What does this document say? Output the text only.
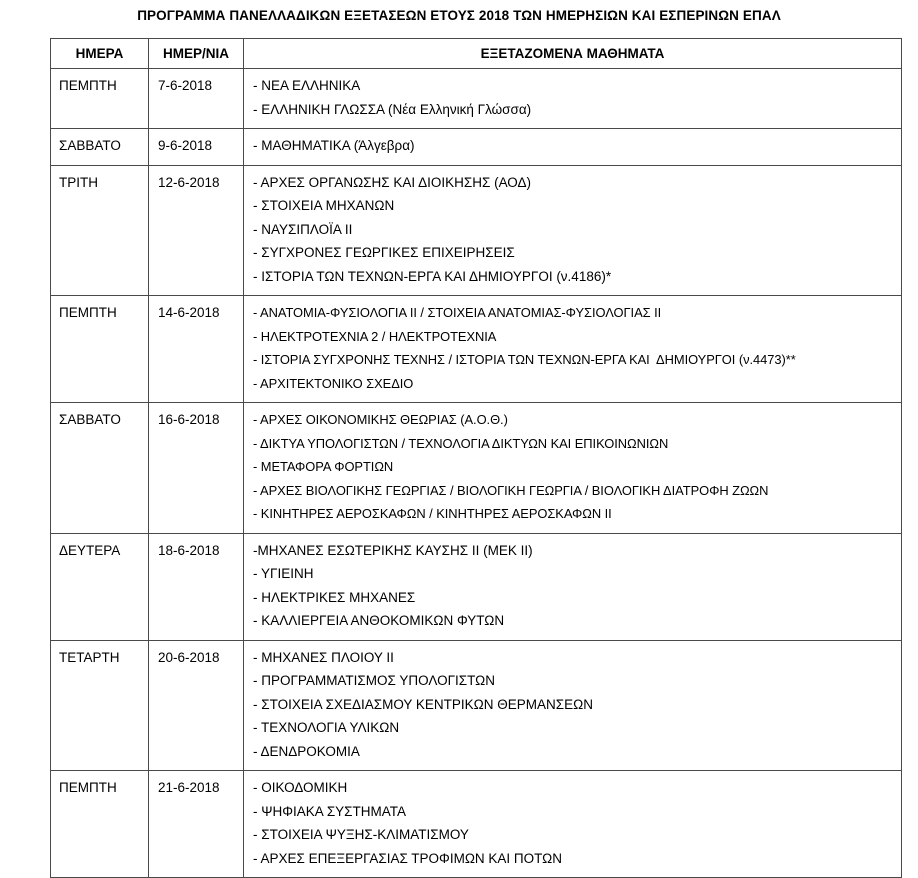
ΠΡΟΓΡΑΜΜΑ ΠΑΝΕΛΛΑΔΙΚΩΝ ΕΞΕΤΑΣΕΩΝ ΕΤΟΥΣ 2018 ΤΩΝ ΗΜΕΡΗΣΙΩΝ ΚΑΙ ΕΣΠΕΡΙΝΩΝ ΕΠΑΛ
ΗΜΕΡΑ	ΗΜΕΡ/ΝΙΑ	ΕΞΕΤΑΖΟΜΕΝΑ ΜΑΘΗΜΑΤΑ
ΠΕΜΠΤΗ	7-6-2018	- ΝΕΑ ΕΛΛΗΝΙΚΑ
- ΕΛΛΗΝΙΚΗ ΓΛΩΣΣΑ (Νέα Ελληνική Γλώσσα)

ΣΑΒΒΑΤΟ	9-6-2018	- ΜΑΘΗΜΑΤΙΚΑ (Άλγεβρα)

ΤΡΙΤΗ	12-6-2018	- ΑΡΧΕΣ ΟΡΓΑΝΩΣΗΣ ΚΑΙ ΔΙΟΙΚΗΣΗΣ (ΑΟΔ)
- ΣΤΟΙΧΕΙΑ ΜΗΧΑΝΩΝ
- ΝΑΥΣΙΠΛΟΪΑ ΙΙ
- ΣΥΓΧΡΟΝΕΣ ΓΕΩΡΓΙΚΕΣ ΕΠΙΧΕΙΡΗΣΕΙΣ
- ΙΣΤΟΡΙΑ ΤΩΝ ΤΕΧΝΩΝ-ΕΡΓΑ ΚΑΙ ΔΗΜΙΟΥΡΓΟΙ (ν.4186)*

ΠΕΜΠΤΗ	14-6-2018	- ΑΝΑΤΟΜΙΑ-ΦΥΣΙΟΛΟΓΙΑ ΙΙ / ΣΤΟΙΧΕΙΑ ΑΝΑΤΟΜΙΑΣ-ΦΥΣΙΟΛΟΓΙΑΣ ΙΙ
- ΗΛΕΚΤΡΟΤΕΧΝΙΑ 2 / ΗΛΕΚΤΡΟΤΕΧΝΙΑ
- ΙΣΤΟΡΙΑ ΣΥΓΧΡΟΝΗΣ ΤΕΧΝΗΣ / ΙΣΤΟΡΙΑ ΤΩΝ ΤΕΧΝΩΝ-ΕΡΓΑ ΚΑΙ  ΔΗΜΙΟΥΡΓΟΙ (ν.4473)**
- ΑΡΧΙΤΕΚΤΟΝΙΚΟ ΣΧΕΔΙΟ

ΣΑΒΒΑΤΟ	16-6-2018	- ΑΡΧΕΣ ΟΙΚΟΝΟΜΙΚΗΣ ΘΕΩΡΙΑΣ (Α.Ο.Θ.)
- ΔΙΚΤΥΑ ΥΠΟΛΟΓΙΣΤΩΝ / ΤΕΧΝΟΛΟΓΙΑ ΔΙΚΤΥΩΝ ΚΑΙ ΕΠΙΚΟΙΝΩΝΙΩΝ
- ΜΕΤΑΦΟΡΑ ΦΟΡΤΙΩΝ
- ΑΡΧΕΣ ΒΙΟΛΟΓΙΚΗΣ ΓΕΩΡΓΙΑΣ / ΒΙΟΛΟΓΙΚΗ ΓΕΩΡΓΙΑ / ΒΙΟΛΟΓΙΚΗ ΔΙΑΤΡΟΦΗ ΖΩΩΝ
- ΚΙΝΗΤΗΡΕΣ ΑΕΡΟΣΚΑΦΩΝ / ΚΙΝΗΤΗΡΕΣ ΑΕΡΟΣΚΑΦΩΝ ΙΙ

ΔΕΥΤΕΡΑ	18-6-2018	-ΜΗΧΑΝΕΣ ΕΣΩΤΕΡΙΚΗΣ ΚΑΥΣΗΣ ΙΙ (ΜΕΚ ΙΙ)
- ΥΓΙΕΙΝΗ
- ΗΛΕΚΤΡΙΚΕΣ ΜΗΧΑΝΕΣ
- ΚΑΛΛΙΕΡΓΕΙΑ ΑΝΘΟΚΟΜΙΚΩΝ ΦΥΤΩΝ

ΤΕΤΑΡΤΗ	20-6-2018	- ΜΗΧΑΝΕΣ ΠΛΟΙΟΥ ΙΙ
- ΠΡΟΓΡΑΜΜΑΤΙΣΜΟΣ ΥΠΟΛΟΓΙΣΤΩΝ
- ΣΤΟΙΧΕΙΑ ΣΧΕΔΙΑΣΜΟΥ ΚΕΝΤΡΙΚΩΝ ΘΕΡΜΑΝΣΕΩΝ
- ΤΕΧΝΟΛΟΓΙΑ ΥΛΙΚΩΝ
- ΔΕΝΔΡΟΚΟΜΙΑ

ΠΕΜΠΤΗ	21-6-2018	- ΟΙΚΟΔΟΜΙΚΗ
- ΨΗΦΙΑΚΑ ΣΥΣΤΗΜΑΤΑ
- ΣΤΟΙΧΕΙΑ ΨΥΞΗΣ-ΚΛΙΜΑΤΙΣΜΟΥ
- ΑΡΧΕΣ ΕΠΕΞΕΡΓΑΣΙΑΣ ΤΡΟΦΙΜΩΝ ΚΑΙ ΠΟΤΩΝ
